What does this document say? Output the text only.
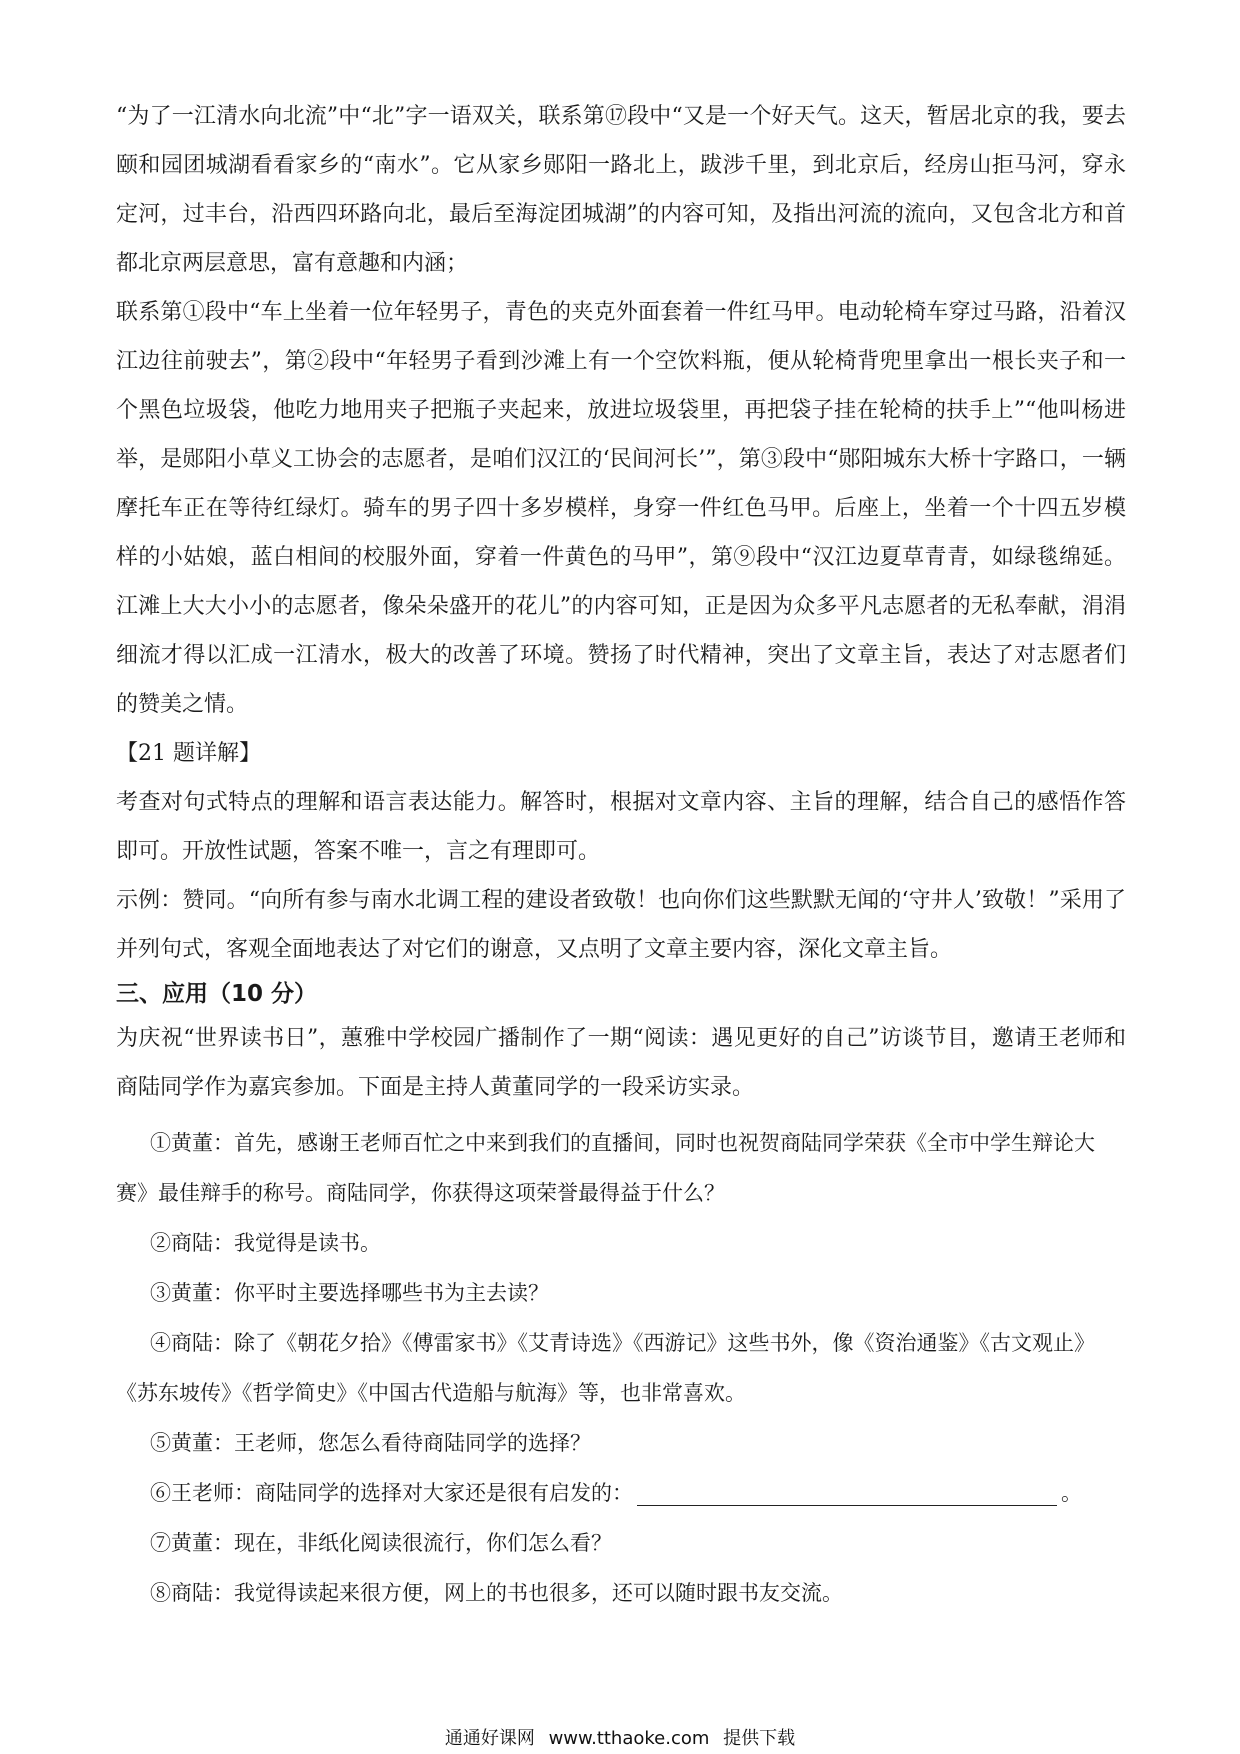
“为了一江清水向北流”中“北”字一语双关，联系第⑰段中“又是一个好天气。这天，暂居北京的我，要去颐和园团城湖看看家乡的“南水”。它从家乡郧阳一路北上，跋涉千里，到北京后，经房山拒马河，穿永定河，过丰台，沿西四环路向北，最后至海淀团城湖”的内容可知，及指出河流的流向，又包含北方和首都北京两层意思，富有意趣和内涵；

联系第①段中“车上坐着一位年轻男子，青色的夹克外面套着一件红马甲。电动轮椅车穿过马路，沿着汉江边往前驶去”，第②段中“年轻男子看到沙滩上有一个空饮料瓶，便从轮椅背兜里拿出一根长夹子和一个黑色垃圾袋，他吃力地用夹子把瓶子夹起来，放进垃圾袋里，再把袋子挂在轮椅的扶手上”“他叫杨进举，是郧阳小草义工协会的志愿者，是咱们汉江的‘民间河长’”，第③段中“郧阳城东大桥十字路口，一辆摩托车正在等待红绿灯。骑车的男子四十多岁模样，身穿一件红色马甲。后座上，坐着一个十四五岁模样的小姑娘，蓝白相间的校服外面，穿着一件黄色的马甲”，第⑨段中“汉江边夏草青青，如绿毯绵延。江滩上大大小小的志愿者，像朵朵盛开的花儿”的内容可知，正是因为众多平凡志愿者的无私奉献，涓涓细流才得以汇成一江清水，极大的改善了环境。赞扬了时代精神，突出了文章主旨，表达了对志愿者们的赞美之情。

【21 题详解】

考查对句式特点的理解和语言表达能力。解答时，根据对文章内容、主旨的理解，结合自己的感悟作答即可。开放性试题，答案不唯一，言之有理即可。

示例：赞同。“向所有参与南水北调工程的建设者致敬！也向你们这些默默无闻的‘守井人’致敬！”采用了并列句式，客观全面地表达了对它们的谢意，又点明了文章主要内容，深化文章主旨。

三、应用（10 分）

为庆祝“世界读书日”，蕙雅中学校园广播制作了一期“阅读：遇见更好的自己”访谈节目，邀请王老师和商陆同学作为嘉宾参加。下面是主持人黄董同学的一段采访实录。

①黄董：首先，感谢王老师百忙之中来到我们的直播间，同时也祝贺商陆同学荣获《全市中学生辩论大赛》最佳辩手的称号。商陆同学，你获得这项荣誉最得益于什么？

②商陆：我觉得是读书。

③黄董：你平时主要选择哪些书为主去读？

④商陆：除了《朝花夕拾》《傅雷家书》《艾青诗选》《西游记》这些书外，像《资治通鉴》《古文观止》《苏东坡传》《哲学简史》《中国古代造船与航海》等，也非常喜欢。

⑤黄董：王老师，您怎么看待商陆同学的选择？

⑥王老师：商陆同学的选择对大家还是很有启发的：	。

⑦黄董：现在，非纸化阅读很流行，你们怎么看？

⑧商陆：我觉得读起来很方便，网上的书也很多，还可以随时跟书友交流。

通通好课网 www.tthaoke.com 提供下载
